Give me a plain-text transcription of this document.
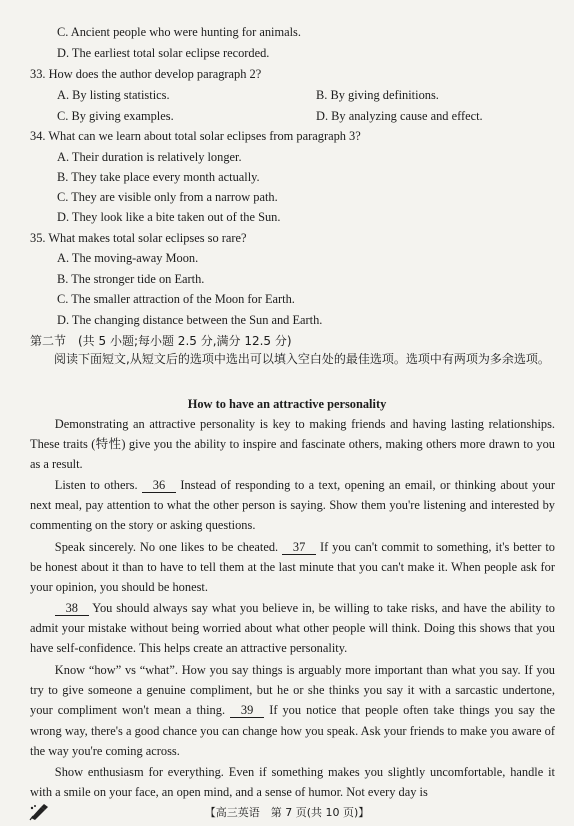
C. Ancient people who were hunting for animals.
D. The earliest total solar eclipse recorded.
33. How does the author develop paragraph 2?
A. By listing statistics.	B. By giving definitions.
C. By giving examples.	D. By analyzing cause and effect.
34. What can we learn about total solar eclipses from paragraph 3?
A. Their duration is relatively longer.
B. They take place every month actually.
C. They are visible only from a narrow path.
D. They look like a bite taken out of the Sun.
35. What makes total solar eclipses so rare?
A. The moving-away Moon.
B. The stronger tide on Earth.
C. The smaller attraction of the Moon for Earth.
D. The changing distance between the Sun and Earth.
第二节　(共 5 小题;每小题 2.5 分,满分 12.5 分)
阅读下面短文,从短文后的选项中选出可以填入空白处的最佳选项。选项中有两项为多余选项。
How to have an attractive personality
Demonstrating an attractive personality is key to making friends and having lasting relationships. These traits (特性) give you the ability to inspire and fascinate others, making others more drawn to you as a result.
Listen to others. 36 Instead of responding to a text, opening an email, or thinking about your next meal, pay attention to what the other person is saying. Show them you're listening and interested by commenting on the story or asking questions.
Speak sincerely. No one likes to be cheated. 37 If you can't commit to something, it's better to be honest about it than to have to tell them at the last minute that you can't make it. When people ask for your opinion, you should be honest.
38 You should always say what you believe in, be willing to take risks, and have the ability to admit your mistake without being worried about what other people will think. Doing this shows that you have self-confidence. This helps create an attractive personality.
Know “how” vs “what”. How you say things is arguably more important than what you say. If you try to give someone a genuine compliment, but he or she thinks you say it with a sarcastic undertone, your compliment won't mean a thing. 39 If you notice that people often take things you say the wrong way, there's a good chance you can change how you speak. Ask your friends to make you aware of the way you're coming across.
Show enthusiasm for everything. Even if something makes you slightly uncomfortable, handle it with a smile on your face, an open mind, and a sense of humor. Not every day is
【高三英语　第 7 页(共 10 页)】
